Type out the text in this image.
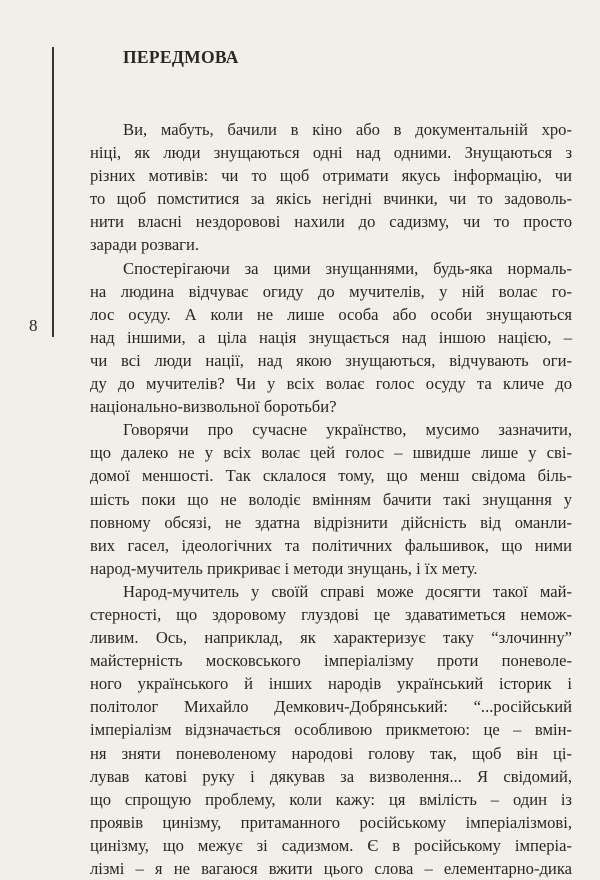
8
ПЕРЕДМОВА
Ви, мабуть, бачили в кіно або в документальній хро-
ніці, як люди знущаються одні над одними. Знущаються з
різних мотивів: чи то щоб отримати якусь інформацію, чи
то щоб помститися за якісь негідні вчинки, чи то задоволь-
нити власні нездоровові нахили до садизму, чи то просто
заради розваги.
Спостерігаючи за цими знущаннями, будь-яка нормаль-
на людина відчуває огиду до мучителів, у ній волає го-
лос осуду. А коли не лише особа або особи знущаються
над іншими, а ціла нація знущається над іншою нацією, –
чи всі люди нації, над якою знущаються, відчувають оги-
ду до мучителів? Чи у всіх волає голос осуду та кличе до
національно-визвольної боротьби?
Говорячи про сучасне українство, мусимо зазначити,
що далеко не у всіх волає цей голос – швидше лише у сві-
домої меншості. Так склалося тому, що менш свідома біль-
шість поки що не володіє вмінням бачити такі знущання у
повному обсязі, не здатна відрізнити дійсність від оманли-
вих гасел, ідеологічних та політичних фальшивок, що ними
народ-мучитель прикриває і методи знущань, і їх мету.
Народ-мучитель у своїй справі може досягти такої май-
стерності, що здоровому глуздові це здаватиметься немож-
ливим. Ось, наприклад, як характеризує таку “злочинну”
майстерність московського імперіалізму проти поневоле-
ного українського й інших народів український історик і
політолог Михайло Демкович-Добрянський: “...російський
імперіалізм відзначається особливою прикметою: це – вмін-
ня зняти поневоленому народові голову так, щоб він ці-
лував катові руку і дякував за визволення... Я свідомий,
що спрощую проблему, коли кажу: ця вмілість – один із
проявів цинізму, притаманного російському імперіалізмові,
цинізму, що межує зі садизмом. Є в російському імперіа-
лізмі – я не вагаюся вжити цього слова – елементарно-дика
